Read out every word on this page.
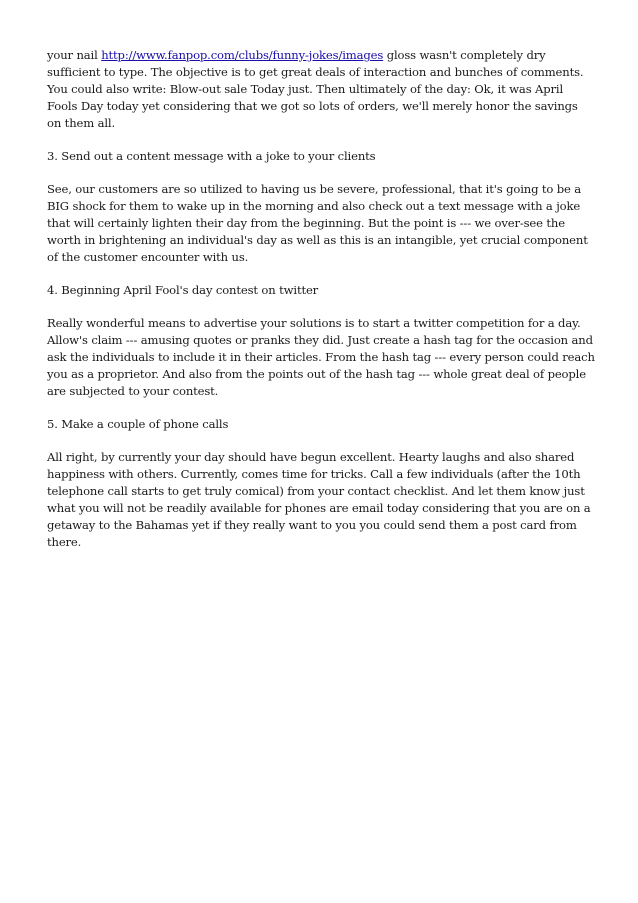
your nail http://www.fanpop.com/clubs/funny-jokes/images gloss wasn't completely dry sufficient to type. The objective is to get great deals of interaction and bunches of comments. You could also write: Blow-out sale Today just. Then ultimately of the day: Ok, it was April Fools Day today yet considering that we got so lots of orders, we'll merely honor the savings on them all.

3. Send out a content message with a joke to your clients

See, our customers are so utilized to having us be severe, professional, that it's going to be a BIG shock for them to wake up in the morning and also check out a text message with a joke that will certainly lighten their day from the beginning. But the point is --- we over-see the worth in brightening an individual's day as well as this is an intangible, yet crucial component of the customer encounter with us.

4. Beginning April Fool's day contest on twitter

Really wonderful means to advertise your solutions is to start a twitter competition for a day. Allow's claim --- amusing quotes or pranks they did. Just create a hash tag for the occasion and ask the individuals to include it in their articles. From the hash tag --- every person could reach you as a proprietor. And also from the points out of the hash tag --- whole great deal of people are subjected to your contest.

5. Make a couple of phone calls

All right, by currently your day should have begun excellent. Hearty laughs and also shared happiness with others. Currently, comes time for tricks. Call a few individuals (after the 10th telephone call starts to get truly comical) from your contact checklist. And let them know just what you will not be readily available for phones are email today considering that you are on a getaway to the Bahamas yet if they really want to you you could send them a post card from there.
